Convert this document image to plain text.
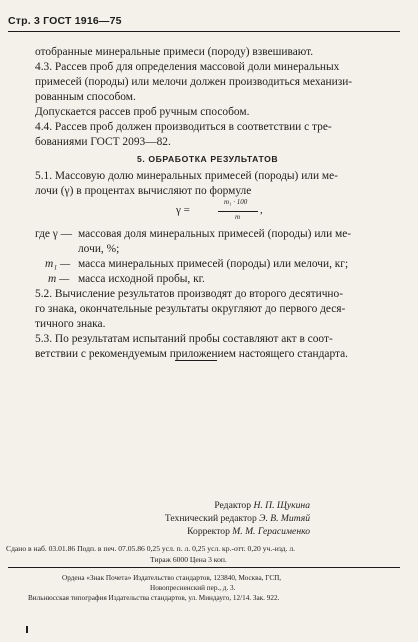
Стр. 3 ГОСТ 1916—75
отобранные минеральные примеси (породу) взвешивают.
4.3. Рассев проб для определения массовой доли минеральных
примесей (породы) или мелочи должен производиться механизи-
рованным способом.
Допускается рассев проб ручным способом.
4.4. Рассев проб должен производиться в соответствии с тре-
бованиями ГОСТ 2093—82.
5. ОБРАБОТКА РЕЗУЛЬТАТОВ
5.1. Массовую долю минеральных примесей (породы) или ме-
лочи (γ) в процентах вычисляют по формуле
γ =
m₁ · 100
m
,
где γ — массовая доля минеральных примесей (породы) или ме-
лочи, %;
m₁ — масса минеральных примесей (породы) или мелочи, кг;
m — масса исходной пробы, кг.
5.2. Вычисление результатов производят до второго десятично-
го знака, окончательные результаты округляют до первого деся-
тичного знака.
5.3. По результатам испытаний пробы составляют акт в соот-
ветствии с рекомендуемым приложением настоящего стандарта.
Редактор Н. П. Щукина
Технический редактор Э. В. Митяй
Корректор М. М. Герасименко
Сдано в наб. 03.01.86 Подп. в печ. 07.05.86 0,25 усл. п. л. 0,25 усл. кр.-отт. 0,20 уч.-изд. л.
Тираж 6000 Цена 3 коп.
Ордена «Знак Почета» Издательство стандартов, 123840, Москва, ГСП,
Новопресненский пер., д. 3.
Вильнюсская типография Издательства стандартов, ул. Миндауго, 12/14. Зак. 922.
